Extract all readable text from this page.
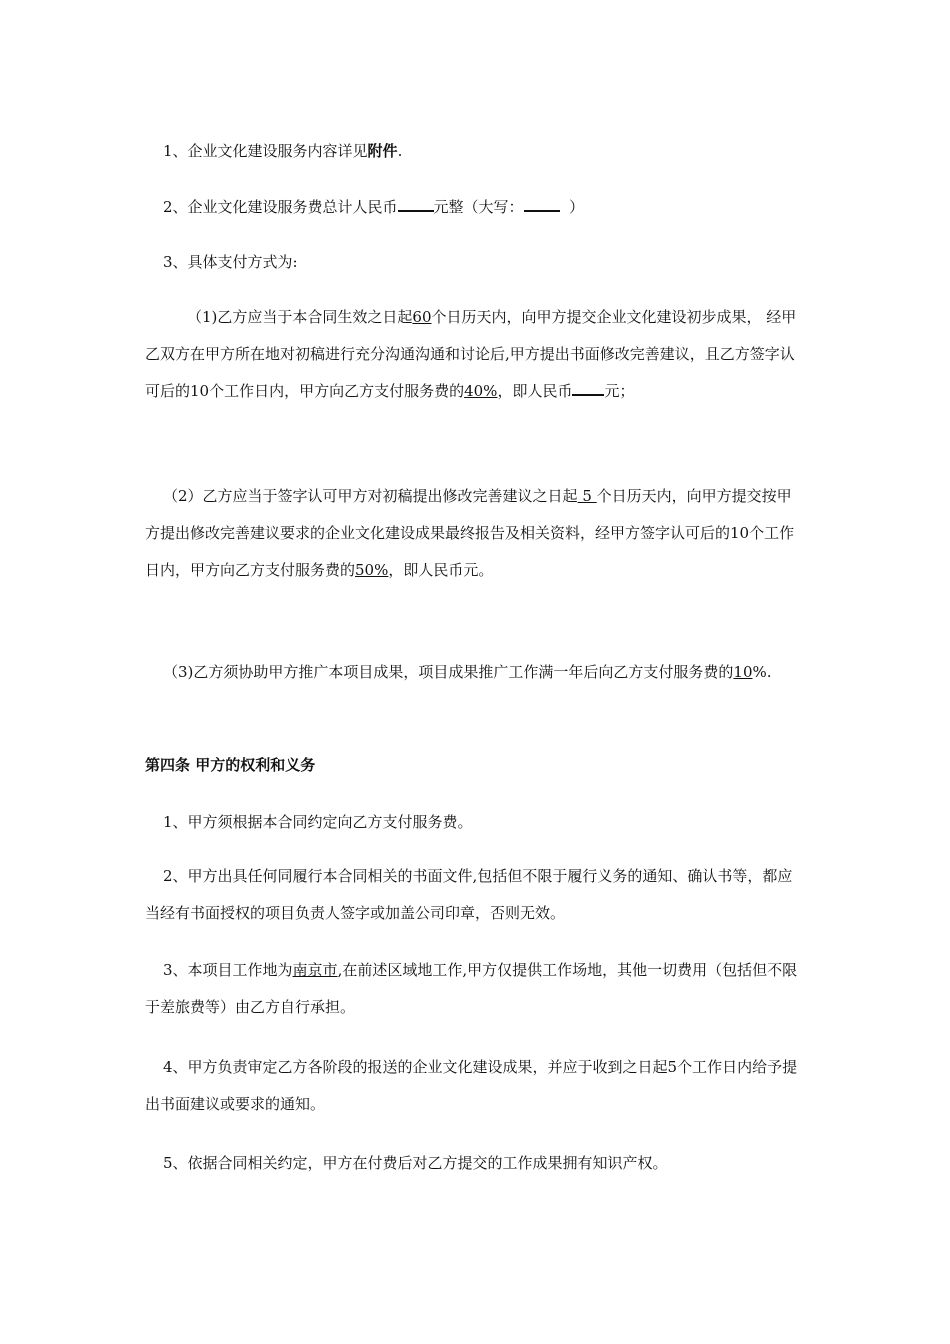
1、企业文化建设服务内容详见附件.

2、企业文化建设服务费总计人民币 元整（大写：	）

3、具体支付方式为:

（1)乙方应当于本合同生效之日起60个日历天内，向甲方提交企业文化建设初步成果， 经甲乙双方在甲方所在地对初稿进行充分沟通沟通和讨论后,甲方提出书面修改完善建议，且乙方签字认可后的10个工作日内，甲方向乙方支付服务费的40%，即人民币 元；

（2）乙方应当于签字认可甲方对初稿提出修改完善建议之日起 5 个日历天内，向甲方提交按甲方提出修改完善建议要求的企业文化建设成果最终报告及相关资料，经甲方签字认可后的10个工作日内，甲方向乙方支付服务费的50%，即人民币元。

（3)乙方须协助甲方推广本项目成果，项目成果推广工作满一年后向乙方支付服务费的10%.

第四条 甲方的权利和义务

1、甲方须根据本合同约定向乙方支付服务费。

2、甲方出具任何同履行本合同相关的书面文件,包括但不限于履行义务的通知、确认书等，都应当经有书面授权的项目负责人签字或加盖公司印章，否则无效。

3、本项目工作地为南京市,在前述区域地工作,甲方仅提供工作场地，其他一切费用（包括但不限于差旅费等）由乙方自行承担。

4、甲方负责审定乙方各阶段的报送的企业文化建设成果，并应于收到之日起5个工作日内给予提出书面建议或要求的通知。

5、依据合同相关约定，甲方在付费后对乙方提交的工作成果拥有知识产权。
